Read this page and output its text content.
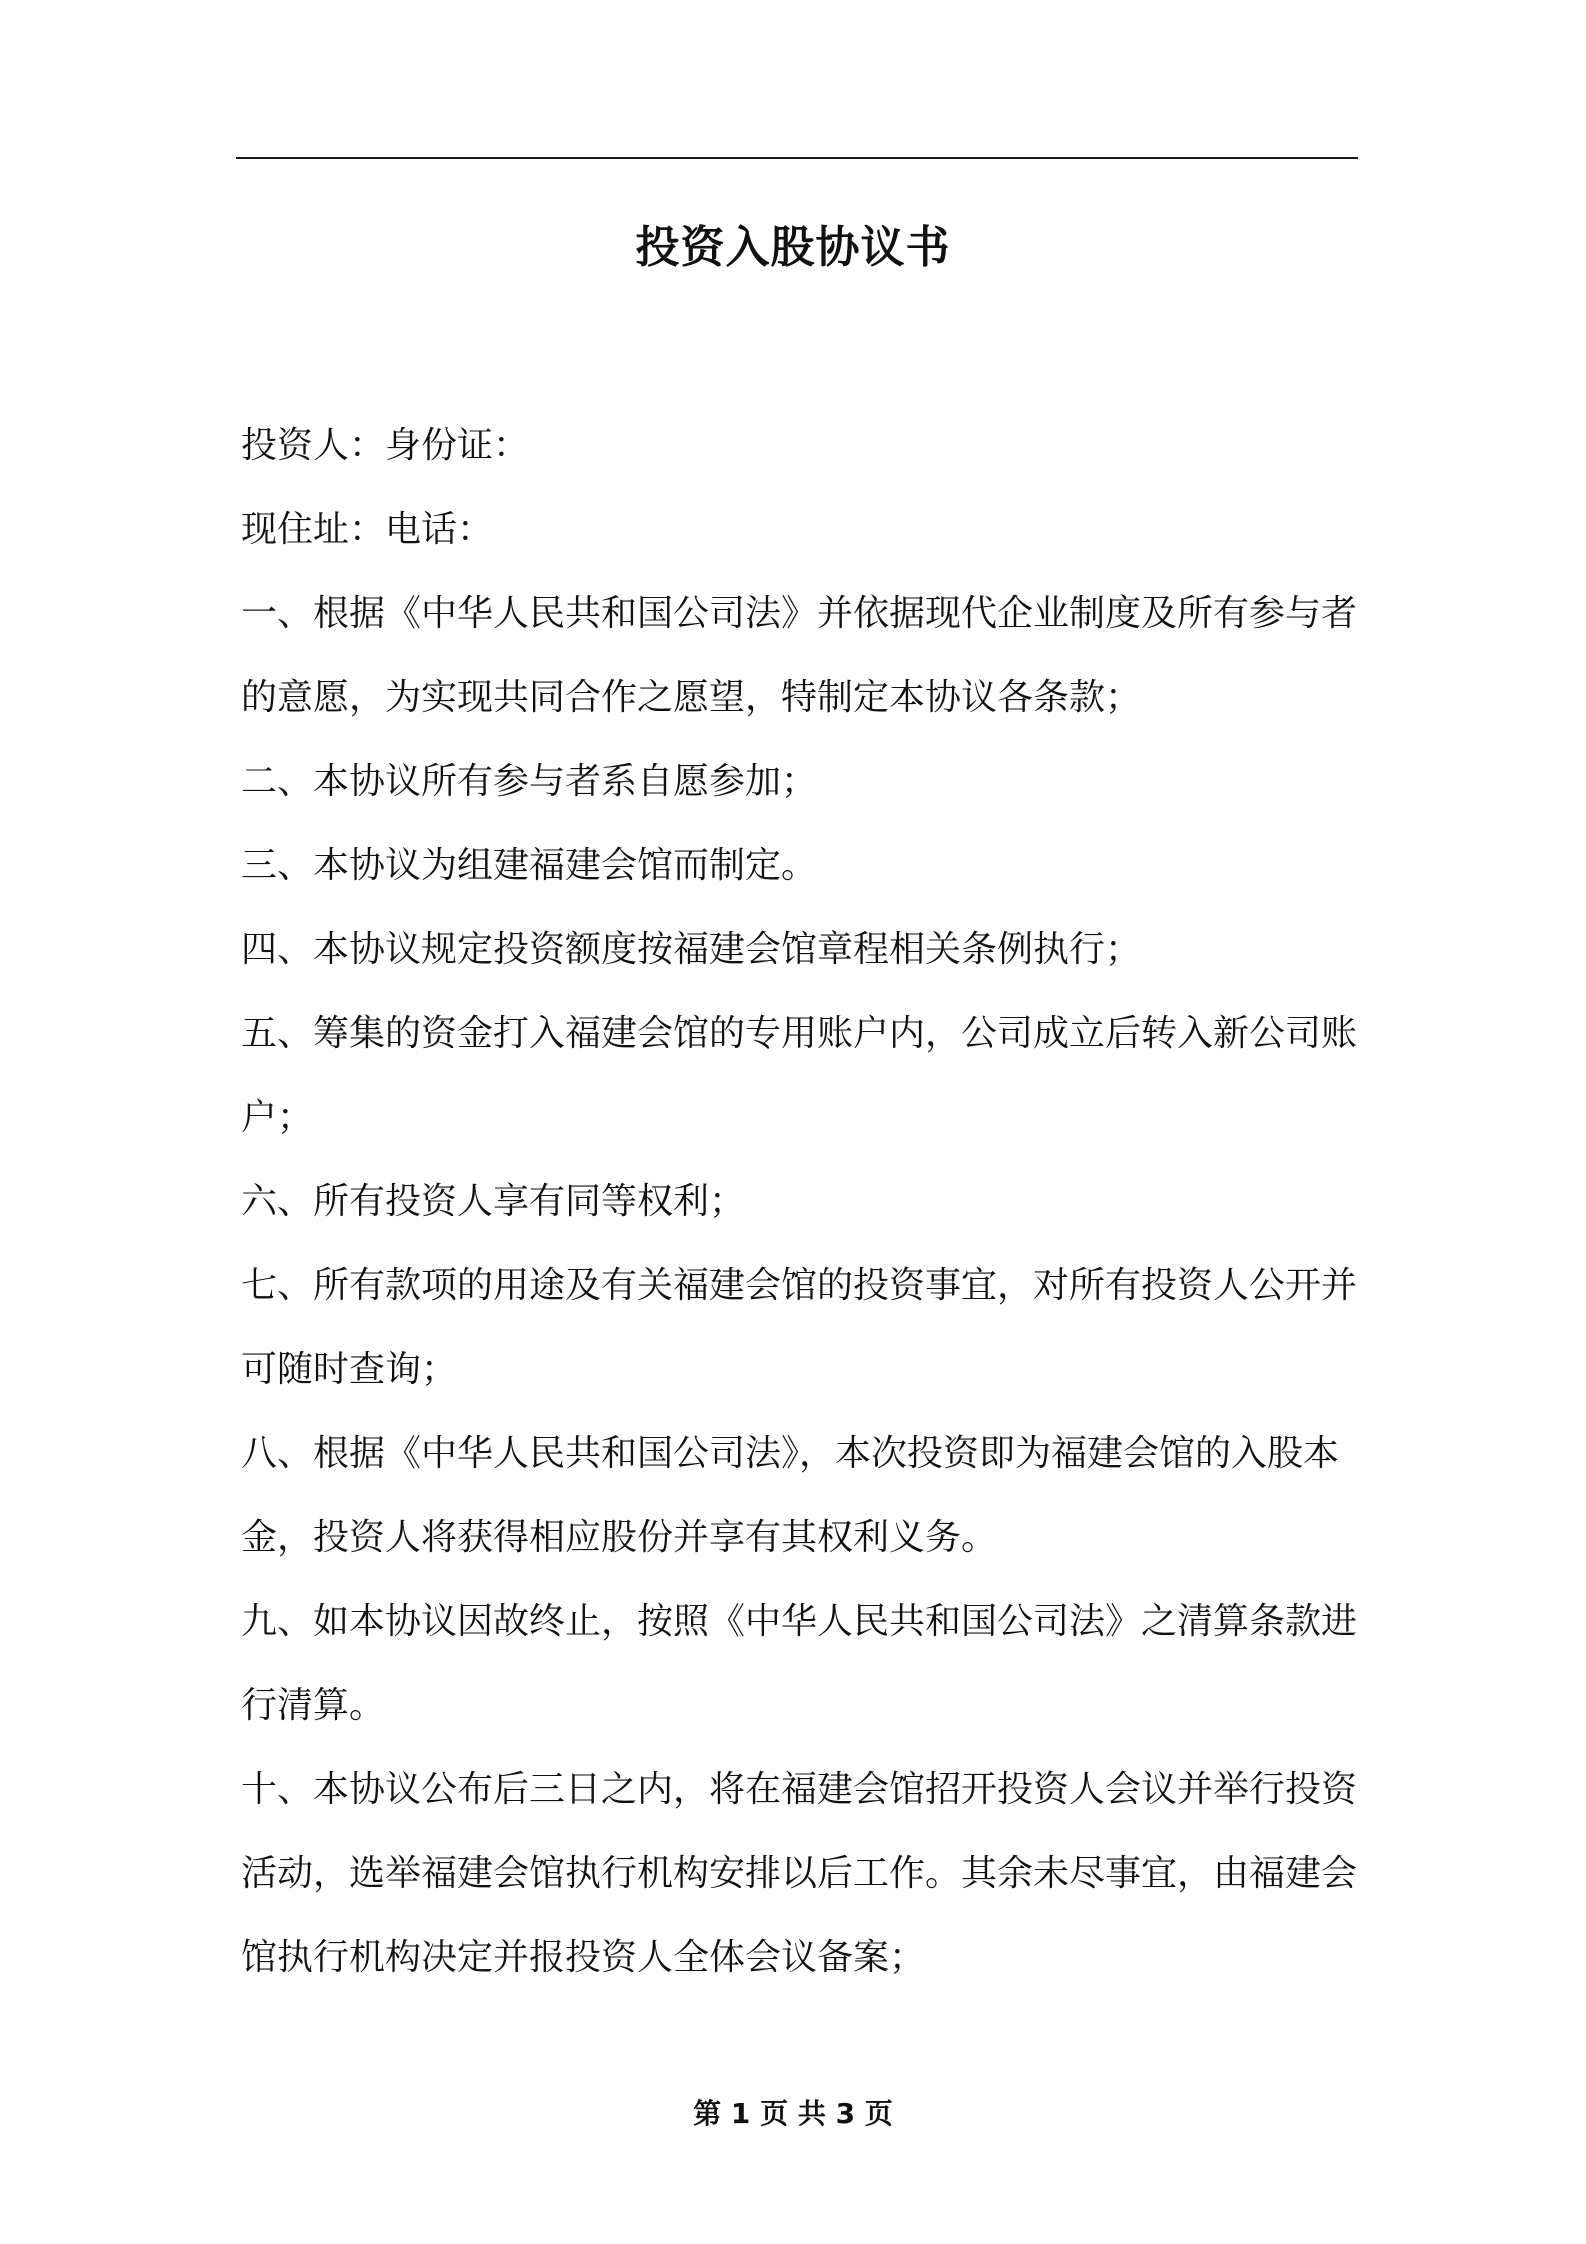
投资入股协议书

投资人：身份证：

现住址：电话：

一、根据《中华人民共和国公司法》并依据现代企业制度及所有参与者的意愿，为实现共同合作之愿望，特制定本协议各条款；

二、本协议所有参与者系自愿参加；

三、本协议为组建福建会馆而制定。

四、本协议规定投资额度按福建会馆章程相关条例执行；

五、筹集的资金打入福建会馆的专用账户内，公司成立后转入新公司账户；

六、所有投资人享有同等权利；

七、所有款项的用途及有关福建会馆的投资事宜，对所有投资人公开并可随时查询；

八、根据《中华人民共和国公司法》，本次投资即为福建会馆的入股本金，投资人将获得相应股份并享有其权利义务。

九、如本协议因故终止，按照《中华人民共和国公司法》之清算条款进行清算。

十、本协议公布后三日之内，将在福建会馆招开投资人会议并举行投资活动，选举福建会馆执行机构安排以后工作。其余未尽事宜，由福建会馆执行机构决定并报投资人全体会议备案；

第 1 页 共 3 页
